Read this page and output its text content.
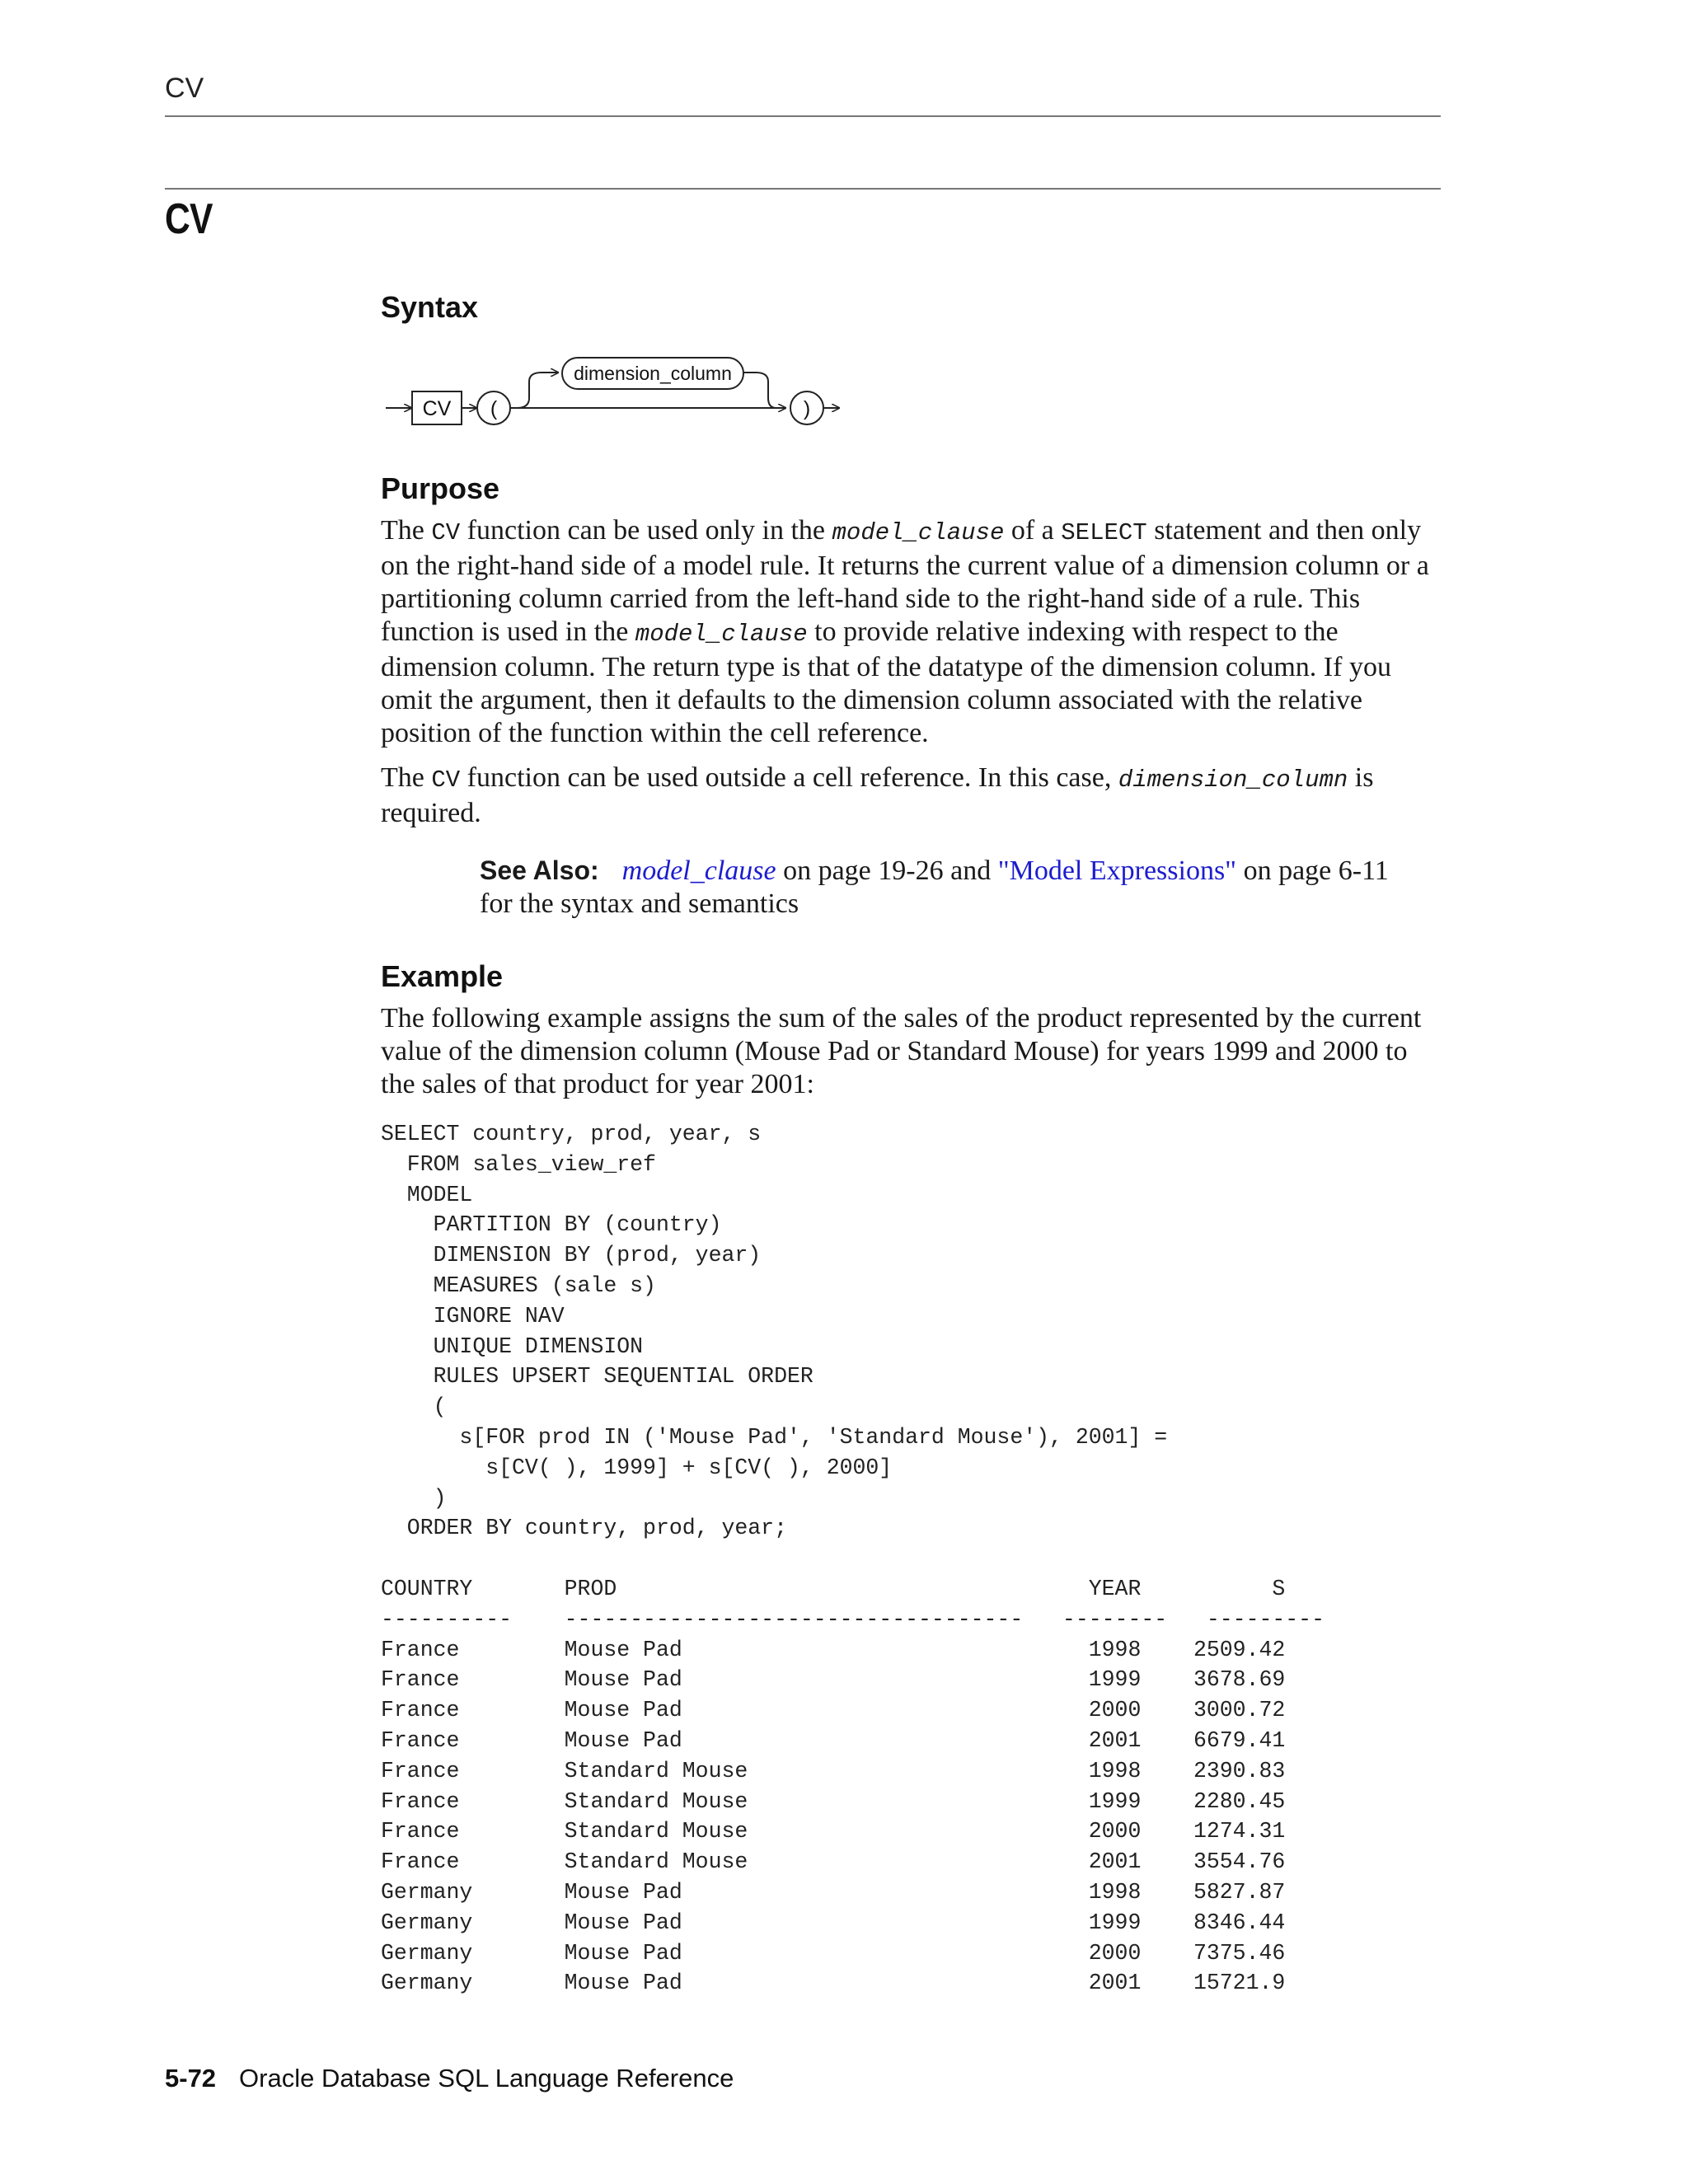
CV
CV
Syntax
CV (
dimension_column
)
Purpose
The CV function can be used only in the model_clause of a SELECT statement and then only on the right-hand side of a model rule. It returns the current value of a dimension column or a partitioning column carried from the left-hand side to the right-hand side of a rule. This function is used in the model_clause to provide relative indexing with respect to the dimension column. The return type is that of the datatype of the dimension column. If you omit the argument, then it defaults to the dimension column associated with the relative position of the function within the cell reference.
The CV function can be used outside a cell reference. In this case, dimension_column is required.
See Also: model_clause on page 19-26 and "Model Expressions" on page 6-11 for the syntax and semantics
Example
The following example assigns the sum of the sales of the product represented by the current value of the dimension column (Mouse Pad or Standard Mouse) for years 1999 and 2000 to the sales of that product for year 2001:
SELECT country, prod, year, s
FROM sales_view_ref
MODEL
PARTITION BY (country)
DIMENSION BY (prod, year)
MEASURES (sale s)
IGNORE NAV
UNIQUE DIMENSION
RULES UPSERT SEQUENTIAL ORDER
(
s[FOR prod IN ('Mouse Pad', 'Standard Mouse'), 2001] =
s[CV( ), 1999] + s[CV( ), 2000]
)
ORDER BY country, prod, year;
COUNTRY       PROD                                    YEAR          S
----------    -----------------------------------   --------   ---------
France        Mouse Pad                               1998    2509.42
France        Mouse Pad                               1999    3678.69
France        Mouse Pad                               2000    3000.72
France        Mouse Pad                               2001    6679.41
France        Standard Mouse                          1998    2390.83
France        Standard Mouse                          1999    2280.45
France        Standard Mouse                          2000    1274.31
France        Standard Mouse                          2001    3554.76
Germany       Mouse Pad                               1998    5827.87
Germany       Mouse Pad                               1999    8346.44
Germany       Mouse Pad                               2000    7375.46
Germany       Mouse Pad                               2001    15721.9
5-72 Oracle Database SQL Language Reference
